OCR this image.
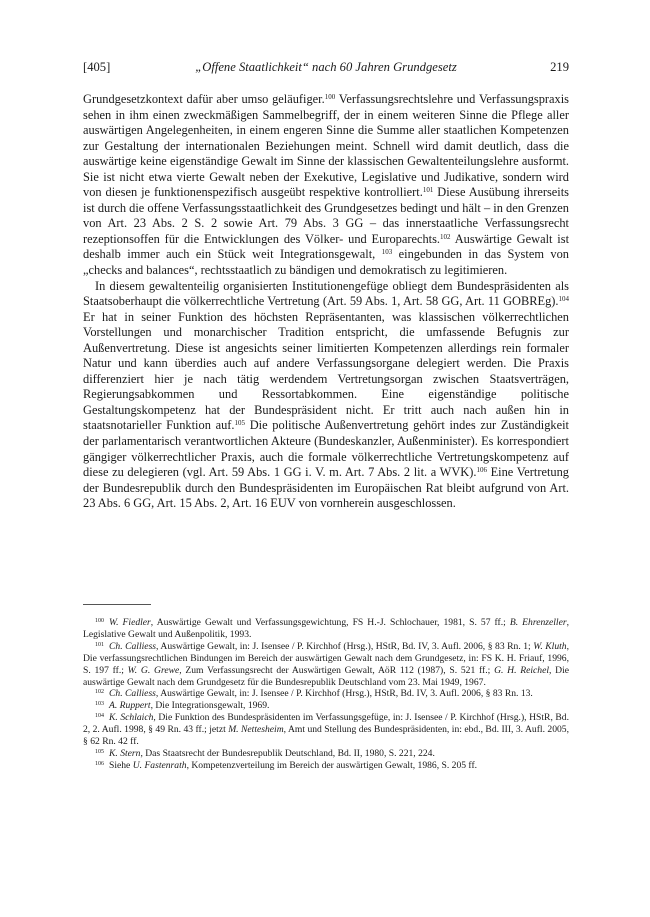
[405]	„Offene Staatlichkeit“ nach 60 Jahren Grundgesetz	219

Grundgesetzkontext dafür aber umso geläufiger.$^{100}$ Verfassungsrechtslehre und Verfassungspraxis sehen in ihm einen zweckmäßigen Sammelbegriff, der in einem weiteren Sinne die Pflege aller auswärtigen Angelegenheiten, in einem engeren Sinne die Summe aller staatlichen Kompetenzen zur Gestaltung der internationalen Beziehungen meint. Schnell wird damit deutlich, dass die auswärtige keine eigenständige Gewalt im Sinne der klassischen Gewaltenteilungslehre ausformt. Sie ist nicht etwa vierte Gewalt neben der Exekutive, Legislative und Judikative, sondern wird von diesen je funktionenspezifisch ausgeübt respektive kontrolliert.$^{101}$ Diese Ausübung ihrerseits ist durch die offene Verfassungsstaatlichkeit des Grundgesetzes bedingt und hält – in den Grenzen von Art. 23 Abs. 2 S. 2 sowie Art. 79 Abs. 3 GG – das innerstaatliche Verfassungsrecht rezeptionsoffen für die Entwicklungen des Völker- und Europarechts.$^{102}$ Auswärtige Gewalt ist deshalb immer auch ein Stück weit Integrationsgewalt, $^{103}$ eingebunden in das System von „checks and balances“, rechtsstaatlich zu bändigen und demokratisch zu legitimieren.

In diesem gewaltenteilig organisierten Institutionengefüge obliegt dem Bundespräsidenten als Staatsoberhaupt die völkerrechtliche Vertretung (Art. 59 Abs. 1, Art. 58 GG, Art. 11 GOBREg).$^{104}$ Er hat in seiner Funktion des höchsten Repräsentanten, was klassischen völkerrechtlichen Vorstellungen und monarchischer Tradition entspricht, die umfassende Befugnis zur Außenvertretung. Diese ist angesichts seiner limitierten Kompetenzen allerdings rein formaler Natur und kann überdies auch auf andere Verfassungsorgane delegiert werden. Die Praxis differenziert hier je nach tätig werdendem Vertretungsorgan zwischen Staatsverträgen, Regierungsabkommen und Ressortabkommen. Eine eigenständige politische Gestaltungskompetenz hat der Bundespräsident nicht. Er tritt auch nach außen hin in staatsnotarieller Funktion auf.$^{105}$ Die politische Außenvertretung gehört indes zur Zuständigkeit der parlamentarisch verantwortlichen Akteure (Bundeskanzler, Außenminister). Es korrespondiert gängiger völkerrechtlicher Praxis, auch die formale völkerrechtliche Vertretungskompetenz auf diese zu delegieren (vgl. Art. 59 Abs. 1 GG i. V. m. Art. 7 Abs. 2 lit. a WVK).$^{106}$ Eine Vertretung der Bundesrepublik durch den Bundespräsidenten im Europäischen Rat bleibt aufgrund von Art. 23 Abs. 6 GG, Art. 15 Abs. 2, Art. 16 EUV von vornherein ausgeschlossen.

$^{100}$ W. Fiedler, Auswärtige Gewalt und Verfassungsgewichtung, FS H.-J. Schlochauer, 1981, S. 57 ff.; B. Ehrenzeller, Legislative Gewalt und Außenpolitik, 1993.

$^{101}$ Ch. Calliess, Auswärtige Gewalt, in: J. Isensee / P. Kirchhof (Hrsg.), HStR, Bd. IV, 3. Aufl. 2006, § 83 Rn. 1; W. Kluth, Die verfassungsrechtlichen Bindungen im Bereich der auswärtigen Gewalt nach dem Grundgesetz, in: FS K. H. Friauf, 1996, S. 197 ff.; W. G. Grewe, Zum Verfassungsrecht der Auswärtigen Gewalt, AöR 112 (1987), S. 521 ff.; G. H. Reichel, Die auswärtige Gewalt nach dem Grundgesetz für die Bundesrepublik Deutschland vom 23. Mai 1949, 1967.

$^{102}$ Ch. Calliess, Auswärtige Gewalt, in: J. Isensee / P. Kirchhof (Hrsg.), HStR, Bd. IV, 3. Aufl. 2006, § 83 Rn. 13.

$^{103}$ A. Ruppert, Die Integrationsgewalt, 1969.

$^{104}$ K. Schlaich, Die Funktion des Bundespräsidenten im Verfassungsgefüge, in: J. Isensee / P. Kirchhof (Hrsg.), HStR, Bd. 2, 2. Aufl. 1998, § 49 Rn. 43 ff.; jetzt M. Nettesheim, Amt und Stellung des Bundespräsidenten, in: ebd., Bd. III, 3. Aufl. 2005, § 62 Rn. 42 ff.

$^{105}$ K. Stern, Das Staatsrecht der Bundesrepublik Deutschland, Bd. II, 1980, S. 221, 224.

$^{106}$ Siehe U. Fastenrath, Kompetenzverteilung im Bereich der auswärtigen Gewalt, 1986, S. 205 ff.
